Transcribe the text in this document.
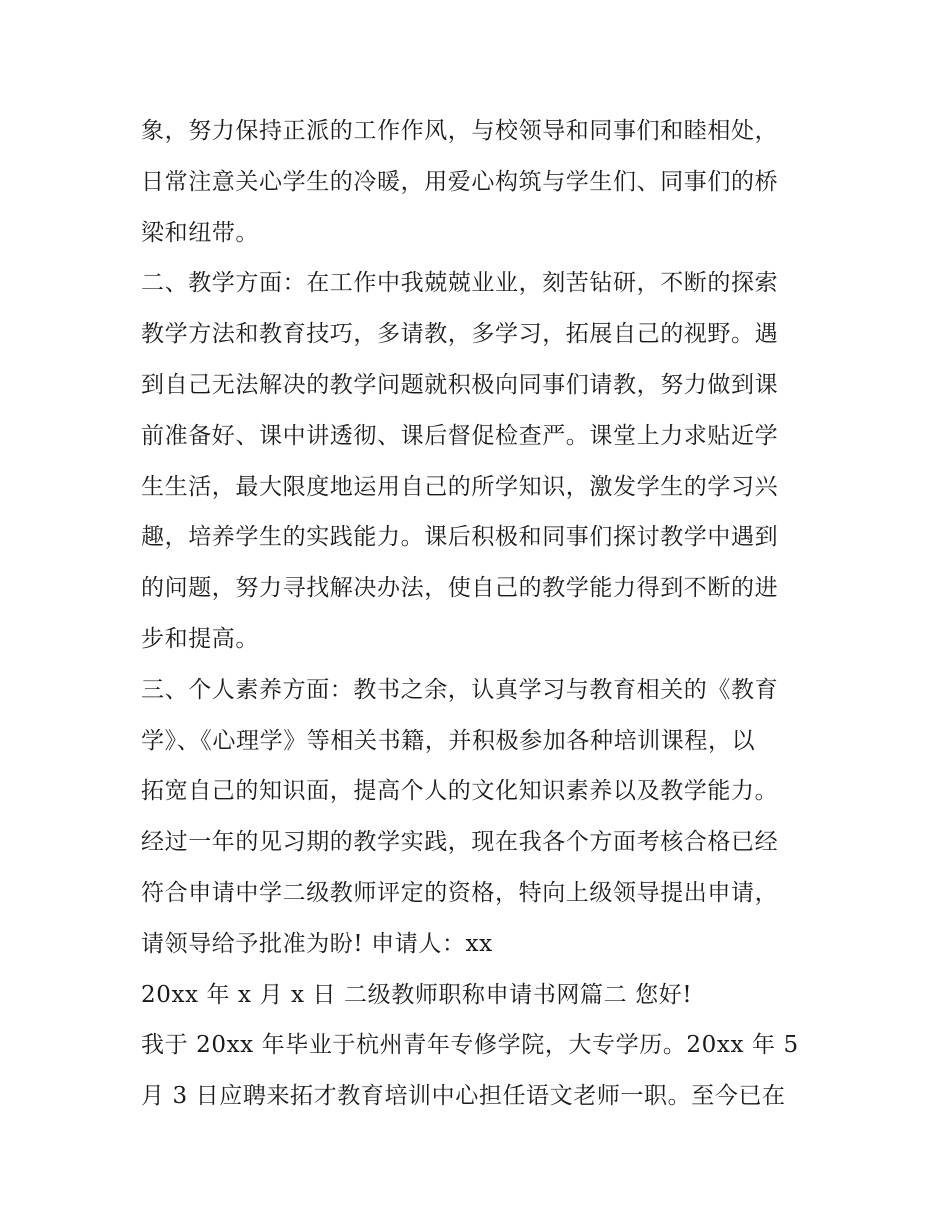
象，努力保持正派的工作作风，与校领导和同事们和睦相处，
日常注意关心学生的冷暖，用爱心构筑与学生们、同事们的桥
梁和纽带。
二、教学方面：在工作中我兢兢业业，刻苦钻研，不断的探索
教学方法和教育技巧，多请教，多学习，拓展自己的视野。遇
到自己无法解决的教学问题就积极向同事们请教，努力做到课
前准备好、课中讲透彻、课后督促检查严。课堂上力求贴近学
生生活，最大限度地运用自己的所学知识，激发学生的学习兴
趣，培养学生的实践能力。课后积极和同事们探讨教学中遇到
的问题，努力寻找解决办法，使自己的教学能力得到不断的进
步和提高。
三、个人素养方面：教书之余，认真学习与教育相关的《教育
学》、《心理学》等相关书籍，并积极参加各种培训课程，以
拓宽自己的知识面，提高个人的文化知识素养以及教学能力。
经过一年的见习期的教学实践，现在我各个方面考核合格已经
符合申请中学二级教师评定的资格，特向上级领导提出申请，
请领导给予批准为盼! 申请人：xx
20xx 年 x 月 x 日 二级教师职称申请书网篇二 您好!
我于 20xx 年毕业于杭州青年专修学院，大专学历。20xx 年 5
月 3 日应聘来拓才教育培训中心担任语文老师一职。至今已在
